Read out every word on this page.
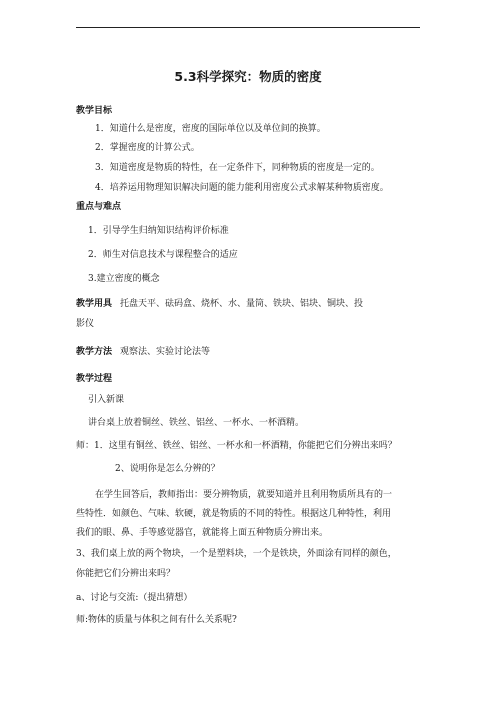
5.3科学探究：物质的密度
教学目标
1．知道什么是密度，密度的国际单位以及单位间的换算。
2．掌握密度的计算公式。
3．知道密度是物质的特性，在一定条件下，同种物质的密度是一定的。
4．培养运用物理知识解决问题的能力能利用密度公式求解某种物质密度。
重点与难点
1．引导学生归纳知识结构评价标准
2．师生对信息技术与课程整合的适应
3.建立密度的概念
教学用具 托盘天平、砝码盒、烧杯、水、量筒、铁块、铝块、铜块、投
影仪
教学方法 观察法、实验讨论法等
教学过程
引入新课
讲台桌上放着铜丝、铁丝、铝丝、一杯水、一杯酒精。
师：1．这里有铜丝、铁丝、铝丝、一杯水和一杯酒精，你能把它们分辨出来吗？
2、说明你是怎么分辨的？
在学生回答后，教师指出：要分辨物质，就要知道并且利用物质所具有的一
些特性．如颜色、气味、软硬，就是物质的不同的特性。根据这几种特性，利用
我们的眼、鼻、手等感觉器官，就能将上面五种物质分辨出来。
3、我们桌上放的两个物块，一个是塑料块，一个是铁块，外面涂有同样的颜色，
你能把它们分辨出来吗？
a、讨论与交流:（提出猜想）
师:物体的质量与体积之间有什么关系呢?
